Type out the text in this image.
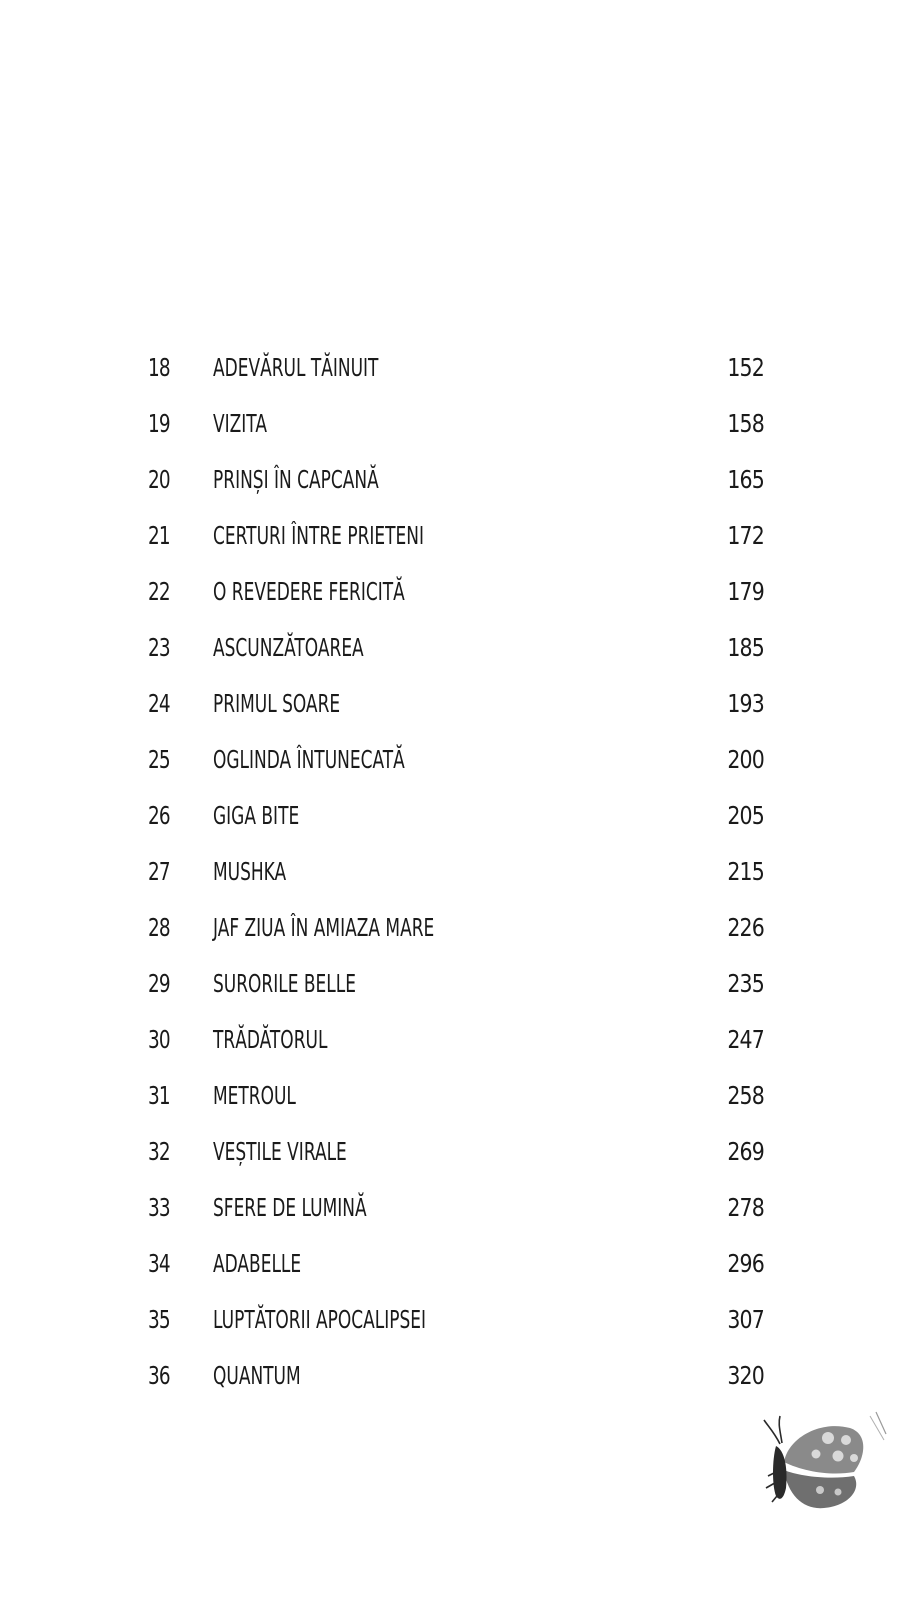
18	ADEVĂRUL TĂINUIT	152
19	VIZITA	158
20	PRINȘI ÎN CAPCANĂ	165
21	CERTURI ÎNTRE PRIETENI	172
22	O REVEDERE FERICITĂ	179
23	ASCUNZĂTOAREA	185
24	PRIMUL SOARE	193
25	OGLINDA ÎNTUNECATĂ	200
26	GIGA BITE	205
27	MUSHKA	215
28	JAF ZIUA ÎN AMIAZA MARE	226
29	SURORILE BELLE	235
30	TRĂDĂTORUL	247
31	METROUL	258
32	VEȘTILE VIRALE	269
33	SFERE DE LUMINĂ	278
34	ADABELLE	296
35	LUPTĂTORII APOCALIPSEI	307
36	QUANTUM	320
